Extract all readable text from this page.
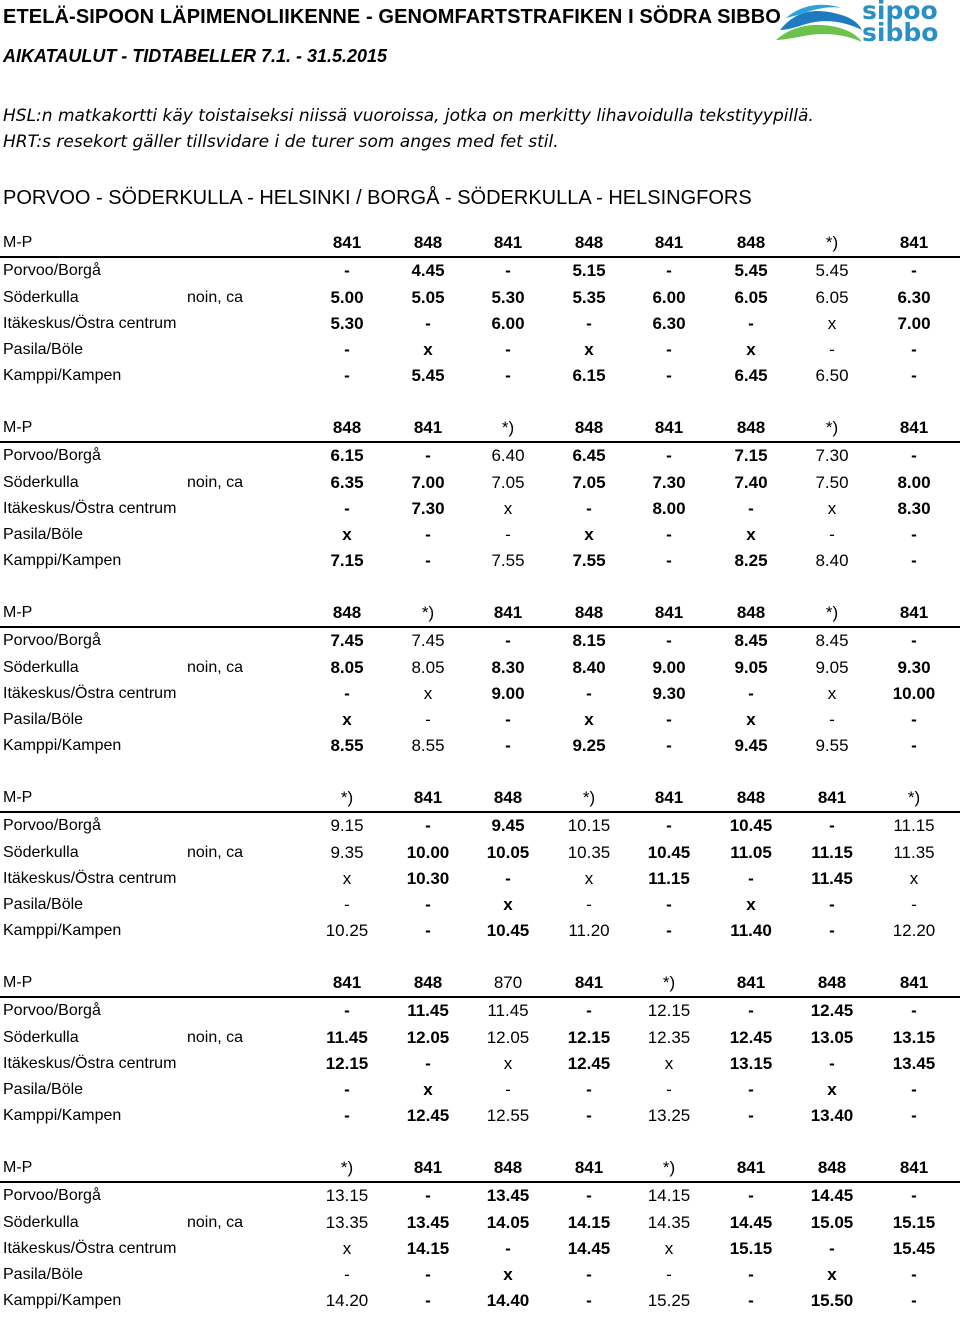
ETELÄ-SIPOON LÄPIMENOLIIKENNE - GENOMFARTSTRAFIKEN I SÖDRA SIBBO
AIKATAULUT - TIDTABELLER 7.1. - 31.5.2015
sipoo
sibbo
HSL:n matkakortti käy toistaiseksi niissä vuoroissa, jotka on merkitty lihavoidulla tekstityypillä.
HRT:s resekort gäller tillsvidare i de turer som anges med fet stil.
PORVOO - SÖDERKULLA - HELSINKI / BORGÅ - SÖDERKULLA - HELSINGFORS
M-P	841	848	841	848	841	848	*)	841
Porvoo/Borgå	-	4.45	-	5.15	-	5.45	5.45	-
Söderkulla	noin, ca	5.00	5.05	5.30	5.35	6.00	6.05	6.05	6.30
Itäkeskus/Östra centrum	5.30	-	6.00	-	6.30	-	x	7.00
Pasila/Böle	-	x	-	x	-	x	-	-
Kamppi/Kampen	-	5.45	-	6.15	-	6.45	6.50	-
M-P	848	841	*)	848	841	848	*)	841
Porvoo/Borgå	6.15	-	6.40	6.45	-	7.15	7.30	-
Söderkulla	noin, ca	6.35	7.00	7.05	7.05	7.30	7.40	7.50	8.00
Itäkeskus/Östra centrum	-	7.30	x	-	8.00	-	x	8.30
Pasila/Böle	x	-	-	x	-	x	-	-
Kamppi/Kampen	7.15	-	7.55	7.55	-	8.25	8.40	-
M-P	848	*)	841	848	841	848	*)	841
Porvoo/Borgå	7.45	7.45	-	8.15	-	8.45	8.45	-
Söderkulla	noin, ca	8.05	8.05	8.30	8.40	9.00	9.05	9.05	9.30
Itäkeskus/Östra centrum	-	x	9.00	-	9.30	-	x	10.00
Pasila/Böle	x	-	-	x	-	x	-	-
Kamppi/Kampen	8.55	8.55	-	9.25	-	9.45	9.55	-
M-P	*)	841	848	*)	841	848	841	*)
Porvoo/Borgå	9.15	-	9.45	10.15	-	10.45	-	11.15
Söderkulla	noin, ca	9.35	10.00	10.05	10.35	10.45	11.05	11.15	11.35
Itäkeskus/Östra centrum	x	10.30	-	x	11.15	-	11.45	x
Pasila/Böle	-	-	x	-	-	x	-	-
Kamppi/Kampen	10.25	-	10.45	11.20	-	11.40	-	12.20
M-P	841	848	870	841	*)	841	848	841
Porvoo/Borgå	-	11.45	11.45	-	12.15	-	12.45	-
Söderkulla	noin, ca	11.45	12.05	12.05	12.15	12.35	12.45	13.05	13.15
Itäkeskus/Östra centrum	12.15	-	x	12.45	x	13.15	-	13.45
Pasila/Böle	-	x	-	-	-	-	x	-
Kamppi/Kampen	-	12.45	12.55	-	13.25	-	13.40	-
M-P	*)	841	848	841	*)	841	848	841
Porvoo/Borgå	13.15	-	13.45	-	14.15	-	14.45	-
Söderkulla	noin, ca	13.35	13.45	14.05	14.15	14.35	14.45	15.05	15.15
Itäkeskus/Östra centrum	x	14.15	-	14.45	x	15.15	-	15.45
Pasila/Böle	-	-	x	-	-	-	x	-
Kamppi/Kampen	14.20	-	14.40	-	15.25	-	15.50	-
